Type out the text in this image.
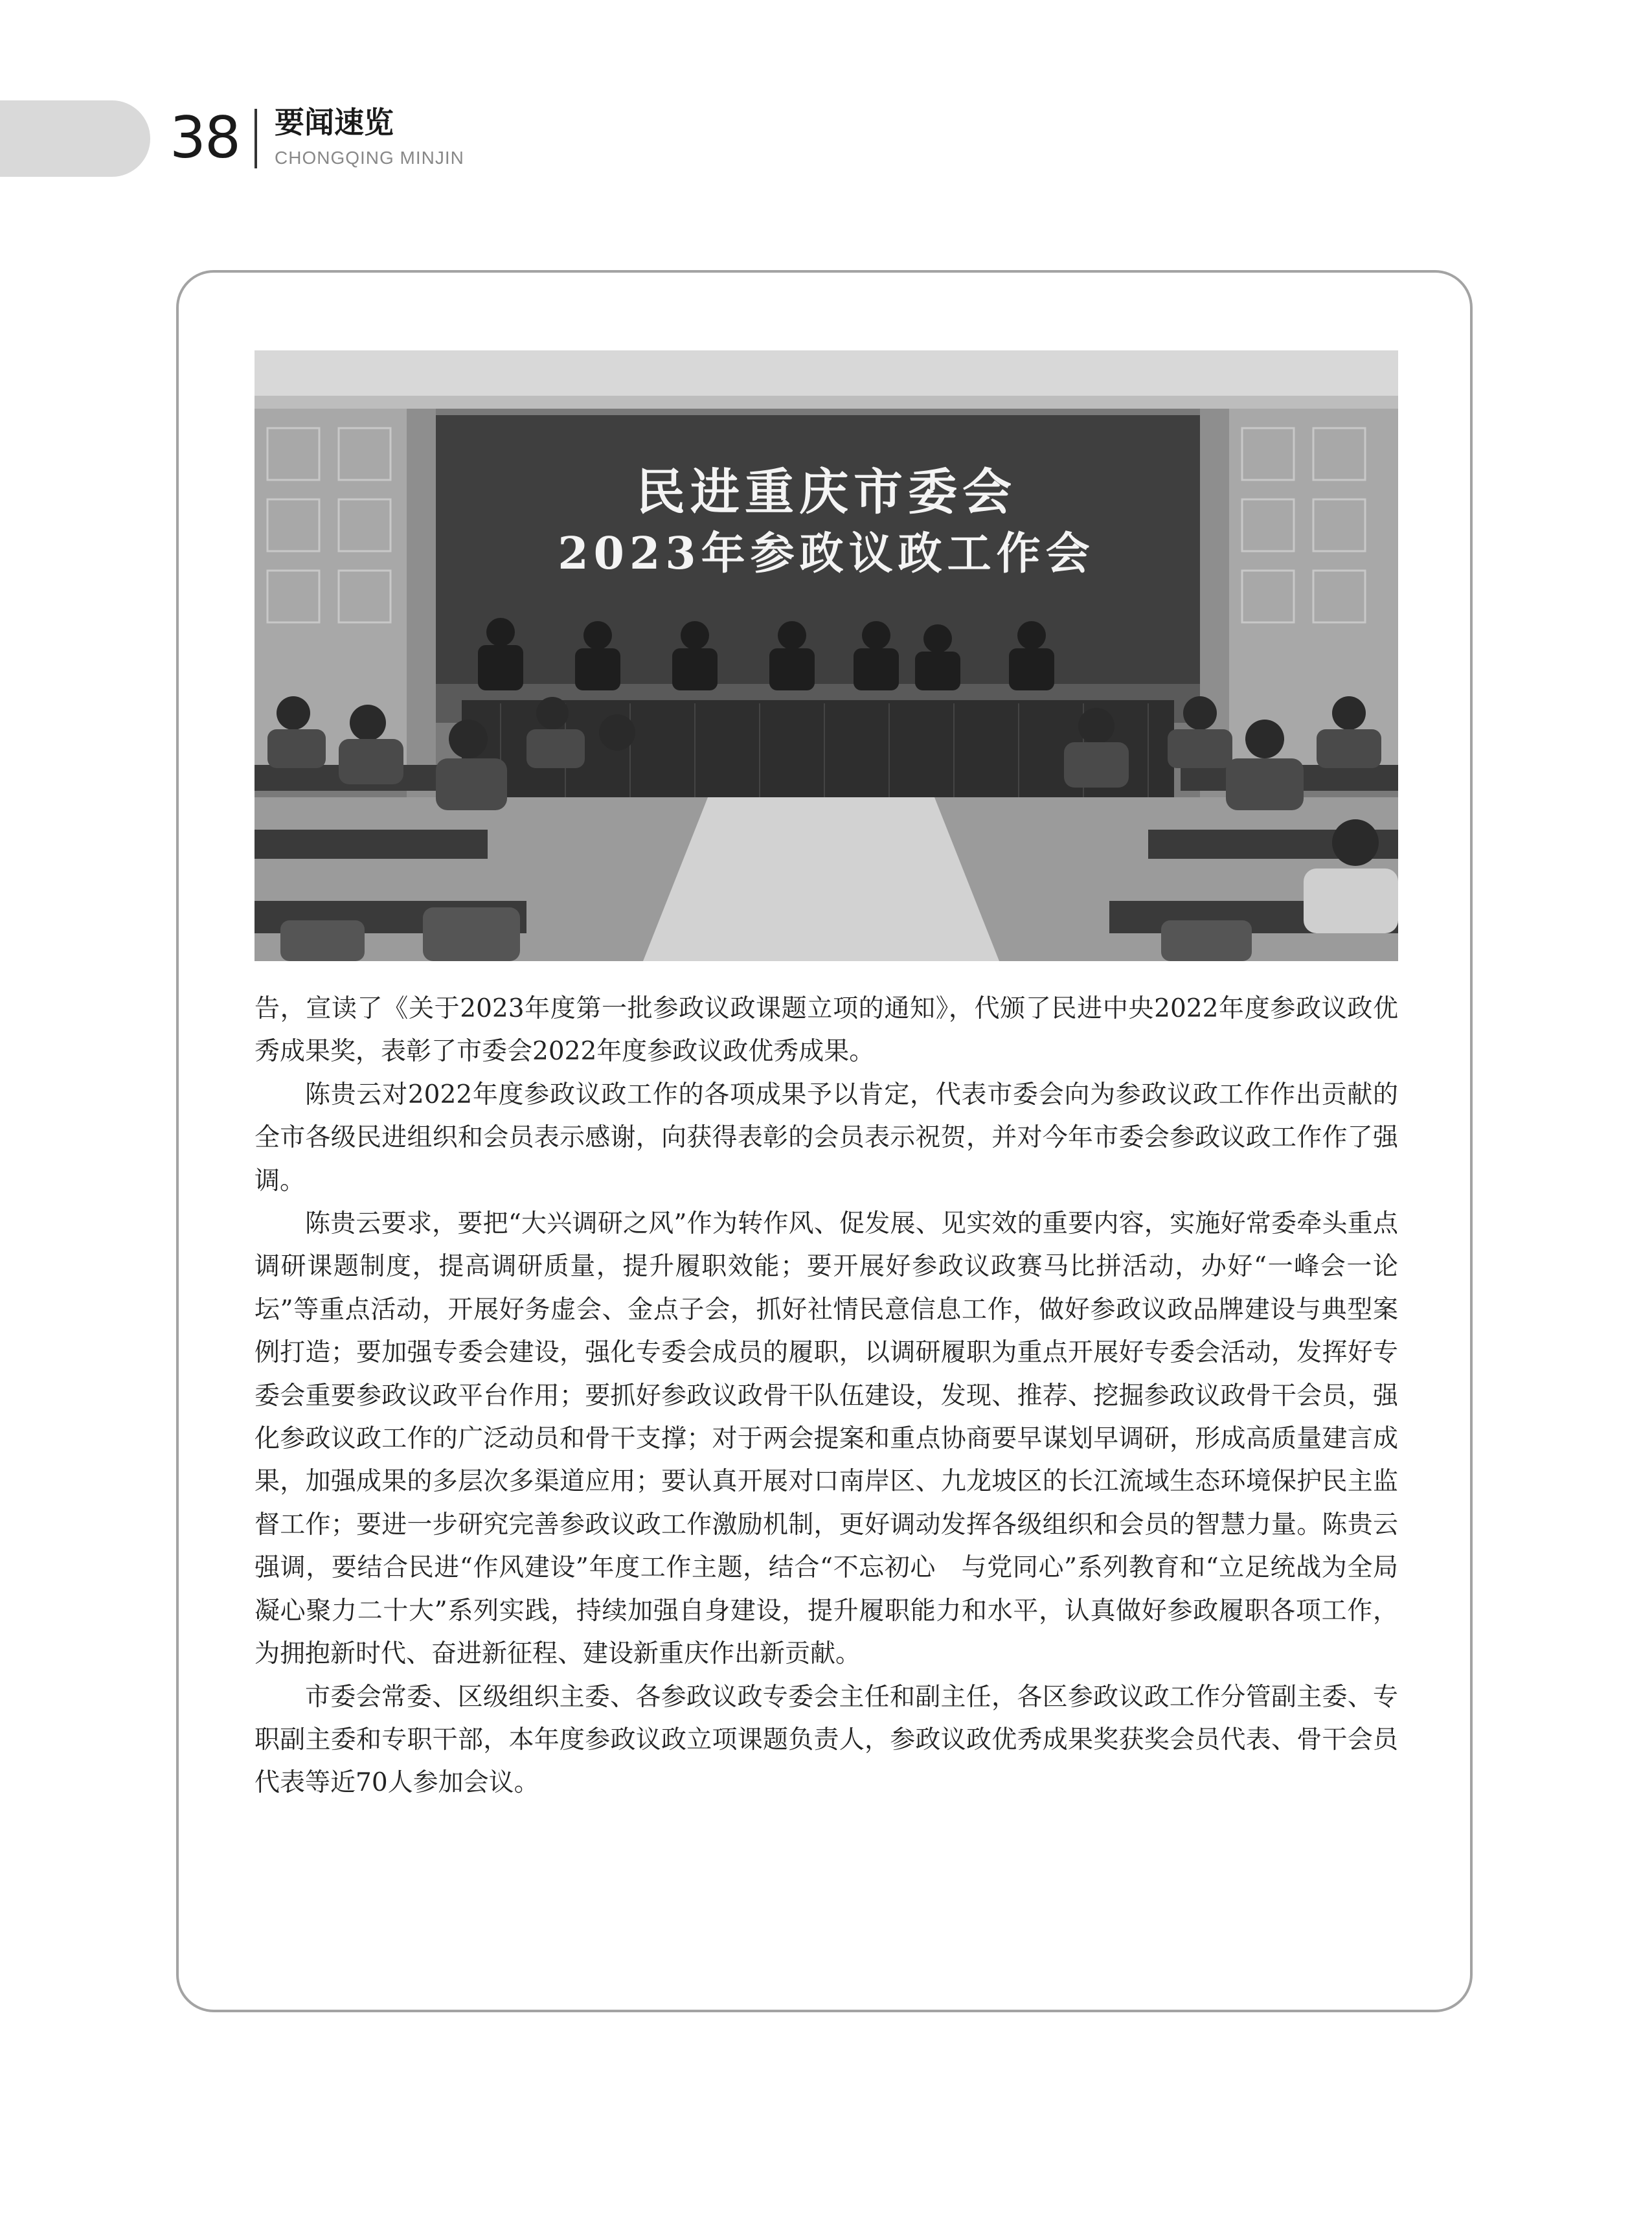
38 要闻速览
CHONGQING MINJIN
民进重庆市委会
2023年参政议政工作会

告，宣读了《关于2023年度第一批参政议政课题立项的通知》，代颁了民进中央2022年度参政议政优秀成果奖，表彰了市委会2022年度参政议政优秀成果。

陈贵云对2022年度参政议政工作的各项成果予以肯定，代表市委会向为参政议政工作作出贡献的全市各级民进组织和会员表示感谢，向获得表彰的会员表示祝贺，并对今年市委会参政议政工作作了强调。

陈贵云要求，要把“大兴调研之风”作为转作风、促发展、见实效的重要内容，实施好常委牵头重点调研课题制度，提高调研质量，提升履职效能；要开展好参政议政赛马比拼活动，办好“一峰会一论坛”等重点活动，开展好务虚会、金点子会，抓好社情民意信息工作，做好参政议政品牌建设与典型案例打造；要加强专委会建设，强化专委会成员的履职，以调研履职为重点开展好专委会活动，发挥好专委会重要参政议政平台作用；要抓好参政议政骨干队伍建设，发现、推荐、挖掘参政议政骨干会员，强化参政议政工作的广泛动员和骨干支撑；对于两会提案和重点协商要早谋划早调研，形成高质量建言成果，加强成果的多层次多渠道应用；要认真开展对口南岸区、九龙坡区的长江流域生态环境保护民主监督工作；要进一步研究完善参政议政工作激励机制，更好调动发挥各级组织和会员的智慧力量。陈贵云强调，要结合民进“作风建设”年度工作主题，结合“不忘初心　与党同心”系列教育和“立足统战为全局　凝心聚力二十大”系列实践，持续加强自身建设，提升履职能力和水平，认真做好参政履职各项工作，为拥抱新时代、奋进新征程、建设新重庆作出新贡献。

市委会常委、区级组织主委、各参政议政专委会主任和副主任，各区参政议政工作分管副主委、专职副主委和专职干部，本年度参政议政立项课题负责人，参政议政优秀成果奖获奖会员代表、骨干会员代表等近70人参加会议。
